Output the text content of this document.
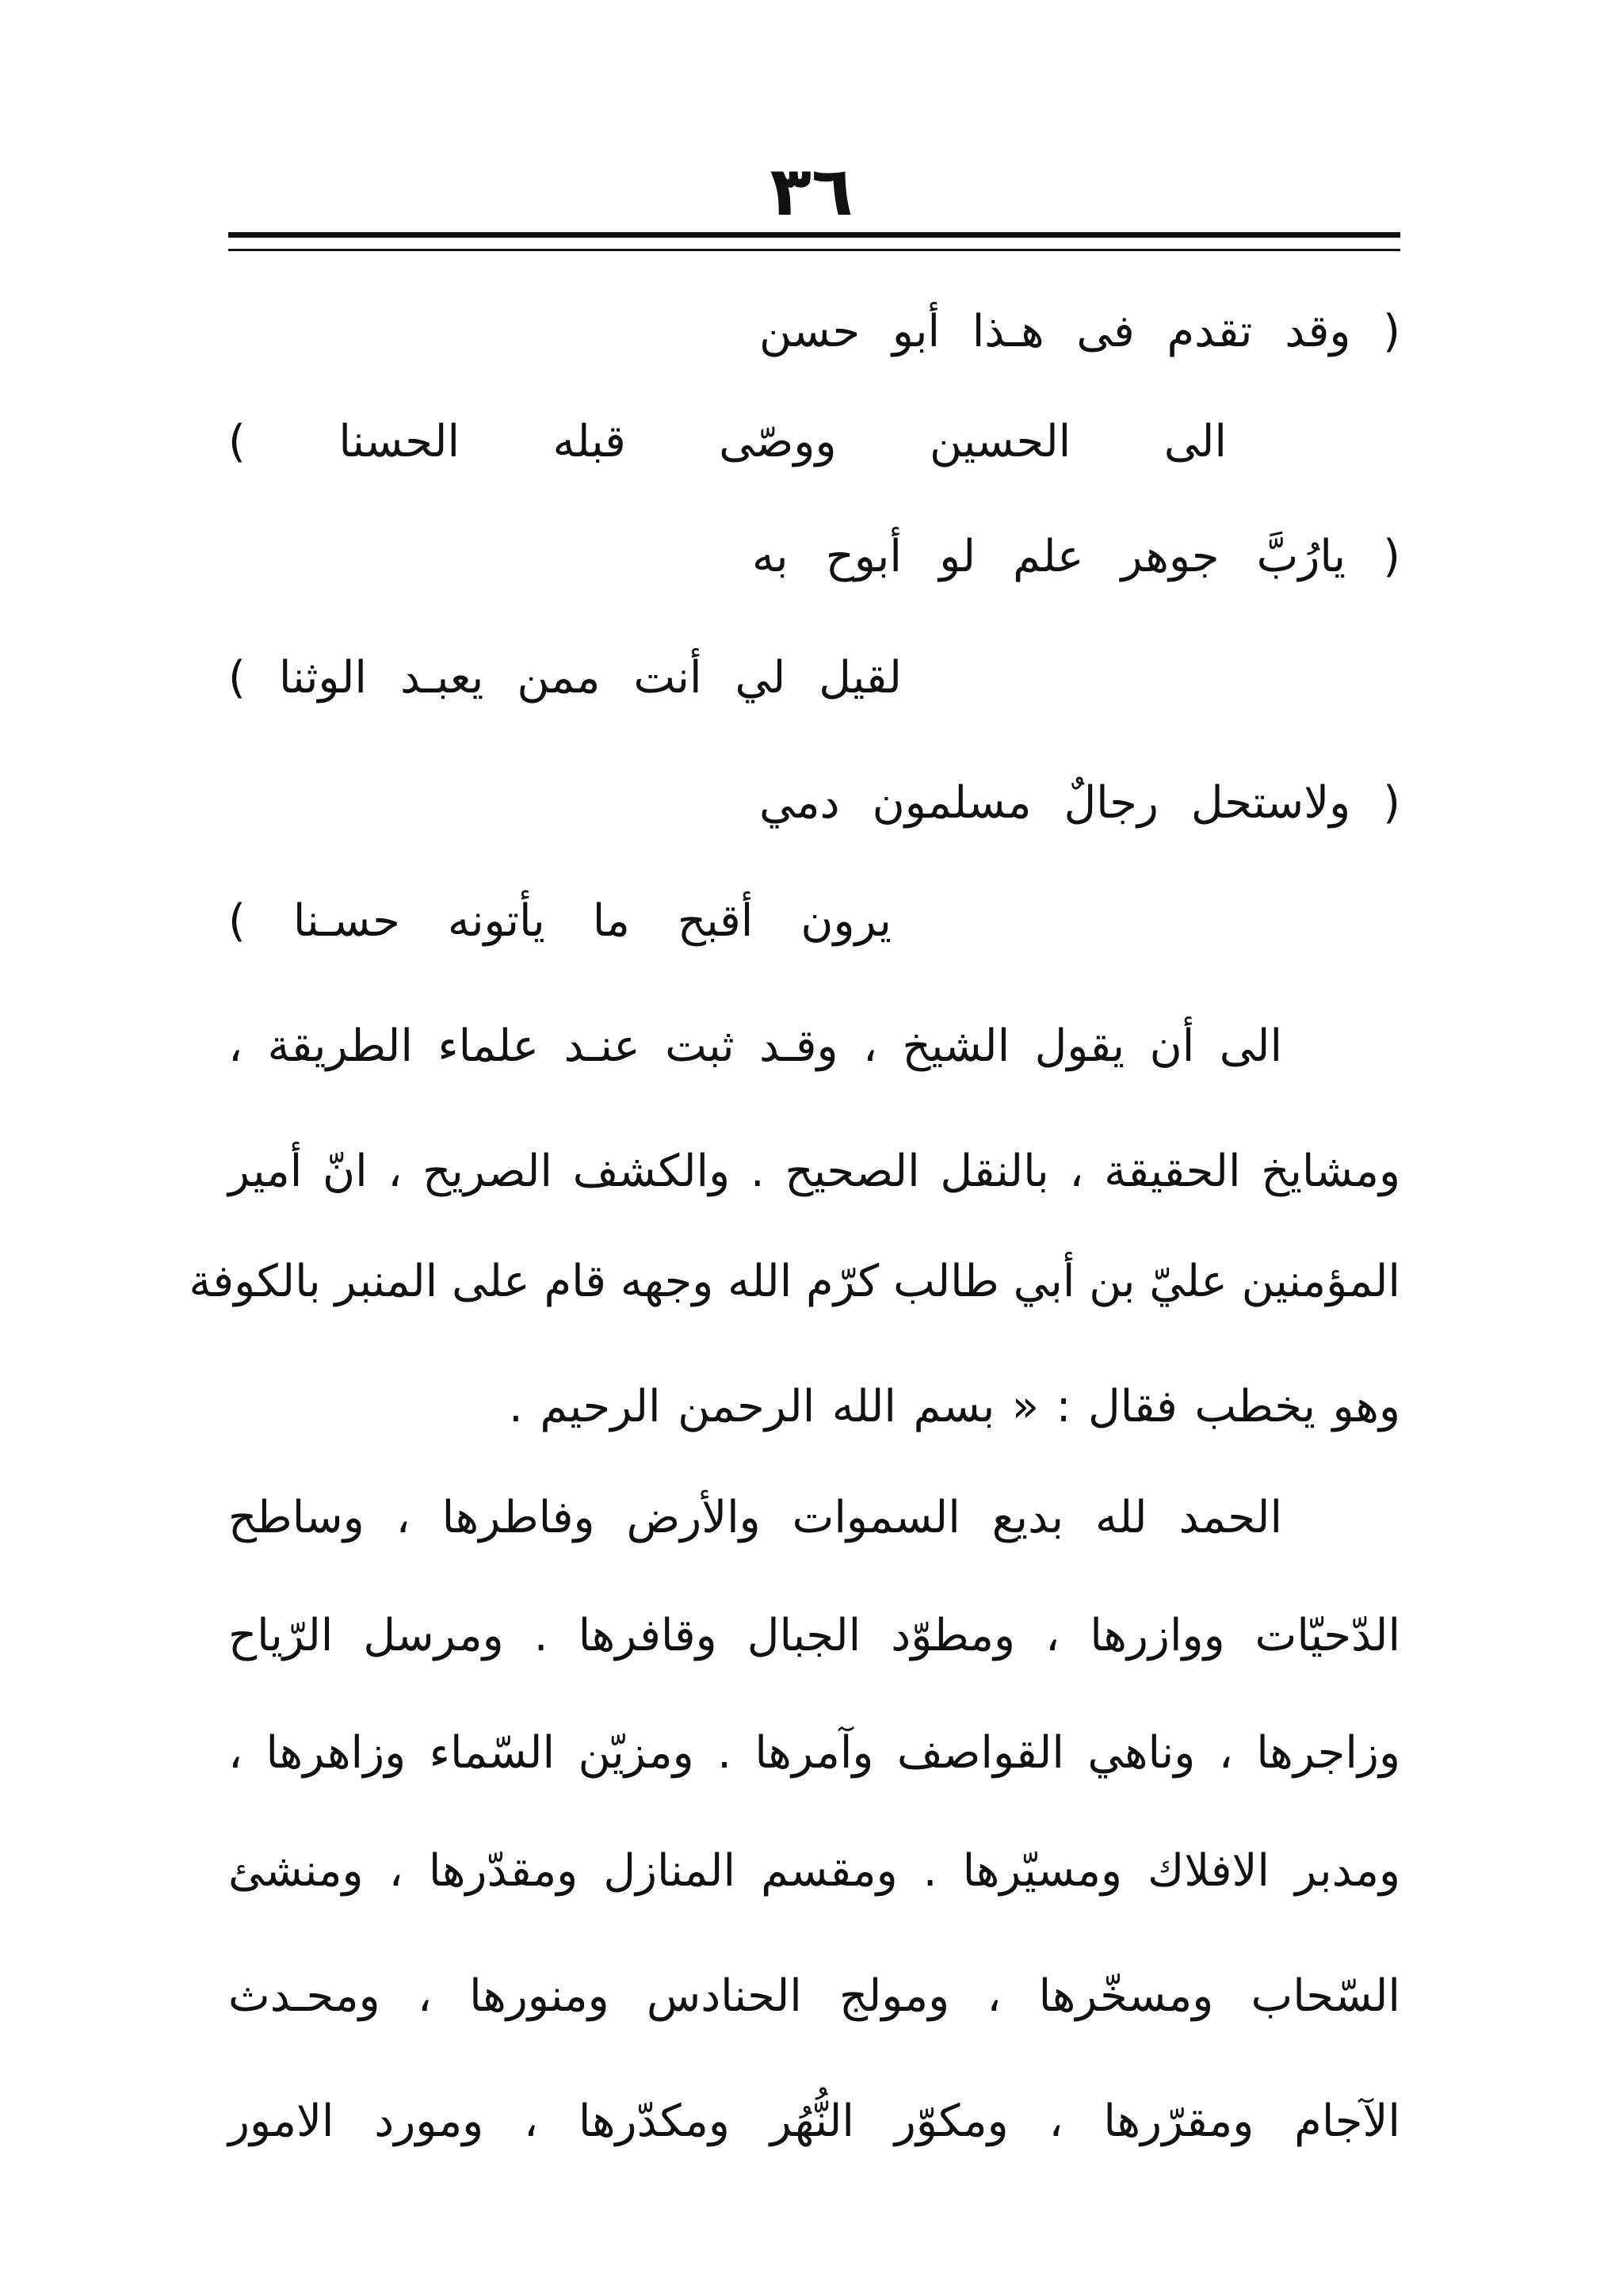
٣٦
( وقد تقدم فى هـذا أبو حسن
الى الحسين ووصّى قبله الحسنا )
( يارُبَّ جوهر علم لو أبوح به
لقيل لي أنت ممن يعبـد الوثنا )
( ولاستحل رجالٌ مسلمون دمي
يرون أقبح ما يأتونه حسـنا )
الى أن يقول الشيخ ، وقـد ثبت عنـد علماء الطريقة ،
ومشايخ الحقيقة ، بالنقل الصحيح . والكشف الصريح ، انّ أمير
المؤمنين عليّ بن أبي طالب كرّم الله وجهه قام على المنبر بالكوفة
وهو يخطب فقال : « بسم الله الرحمن الرحيم .
الحمد لله بديع السموات والأرض وفاطرها ، وساطح
الدّحيّات ووازرها ، ومطوّد الجبال وقافرها . ومرسل الرّياح
وزاجرها ، وناهي القواصف وآمرها . ومزيّن السّماء وزاهرها ،
ومدبر الافلاك ومسيّرها . ومقسم المنازل ومقدّرها ، ومنشئ
السّحاب ومسخّرها ، ومولج الحنادس ومنورها ، ومحـدث
الآجام ومقرّرها ، ومكوّر النُّهُر ومكدّرها ، ومورد الامور
